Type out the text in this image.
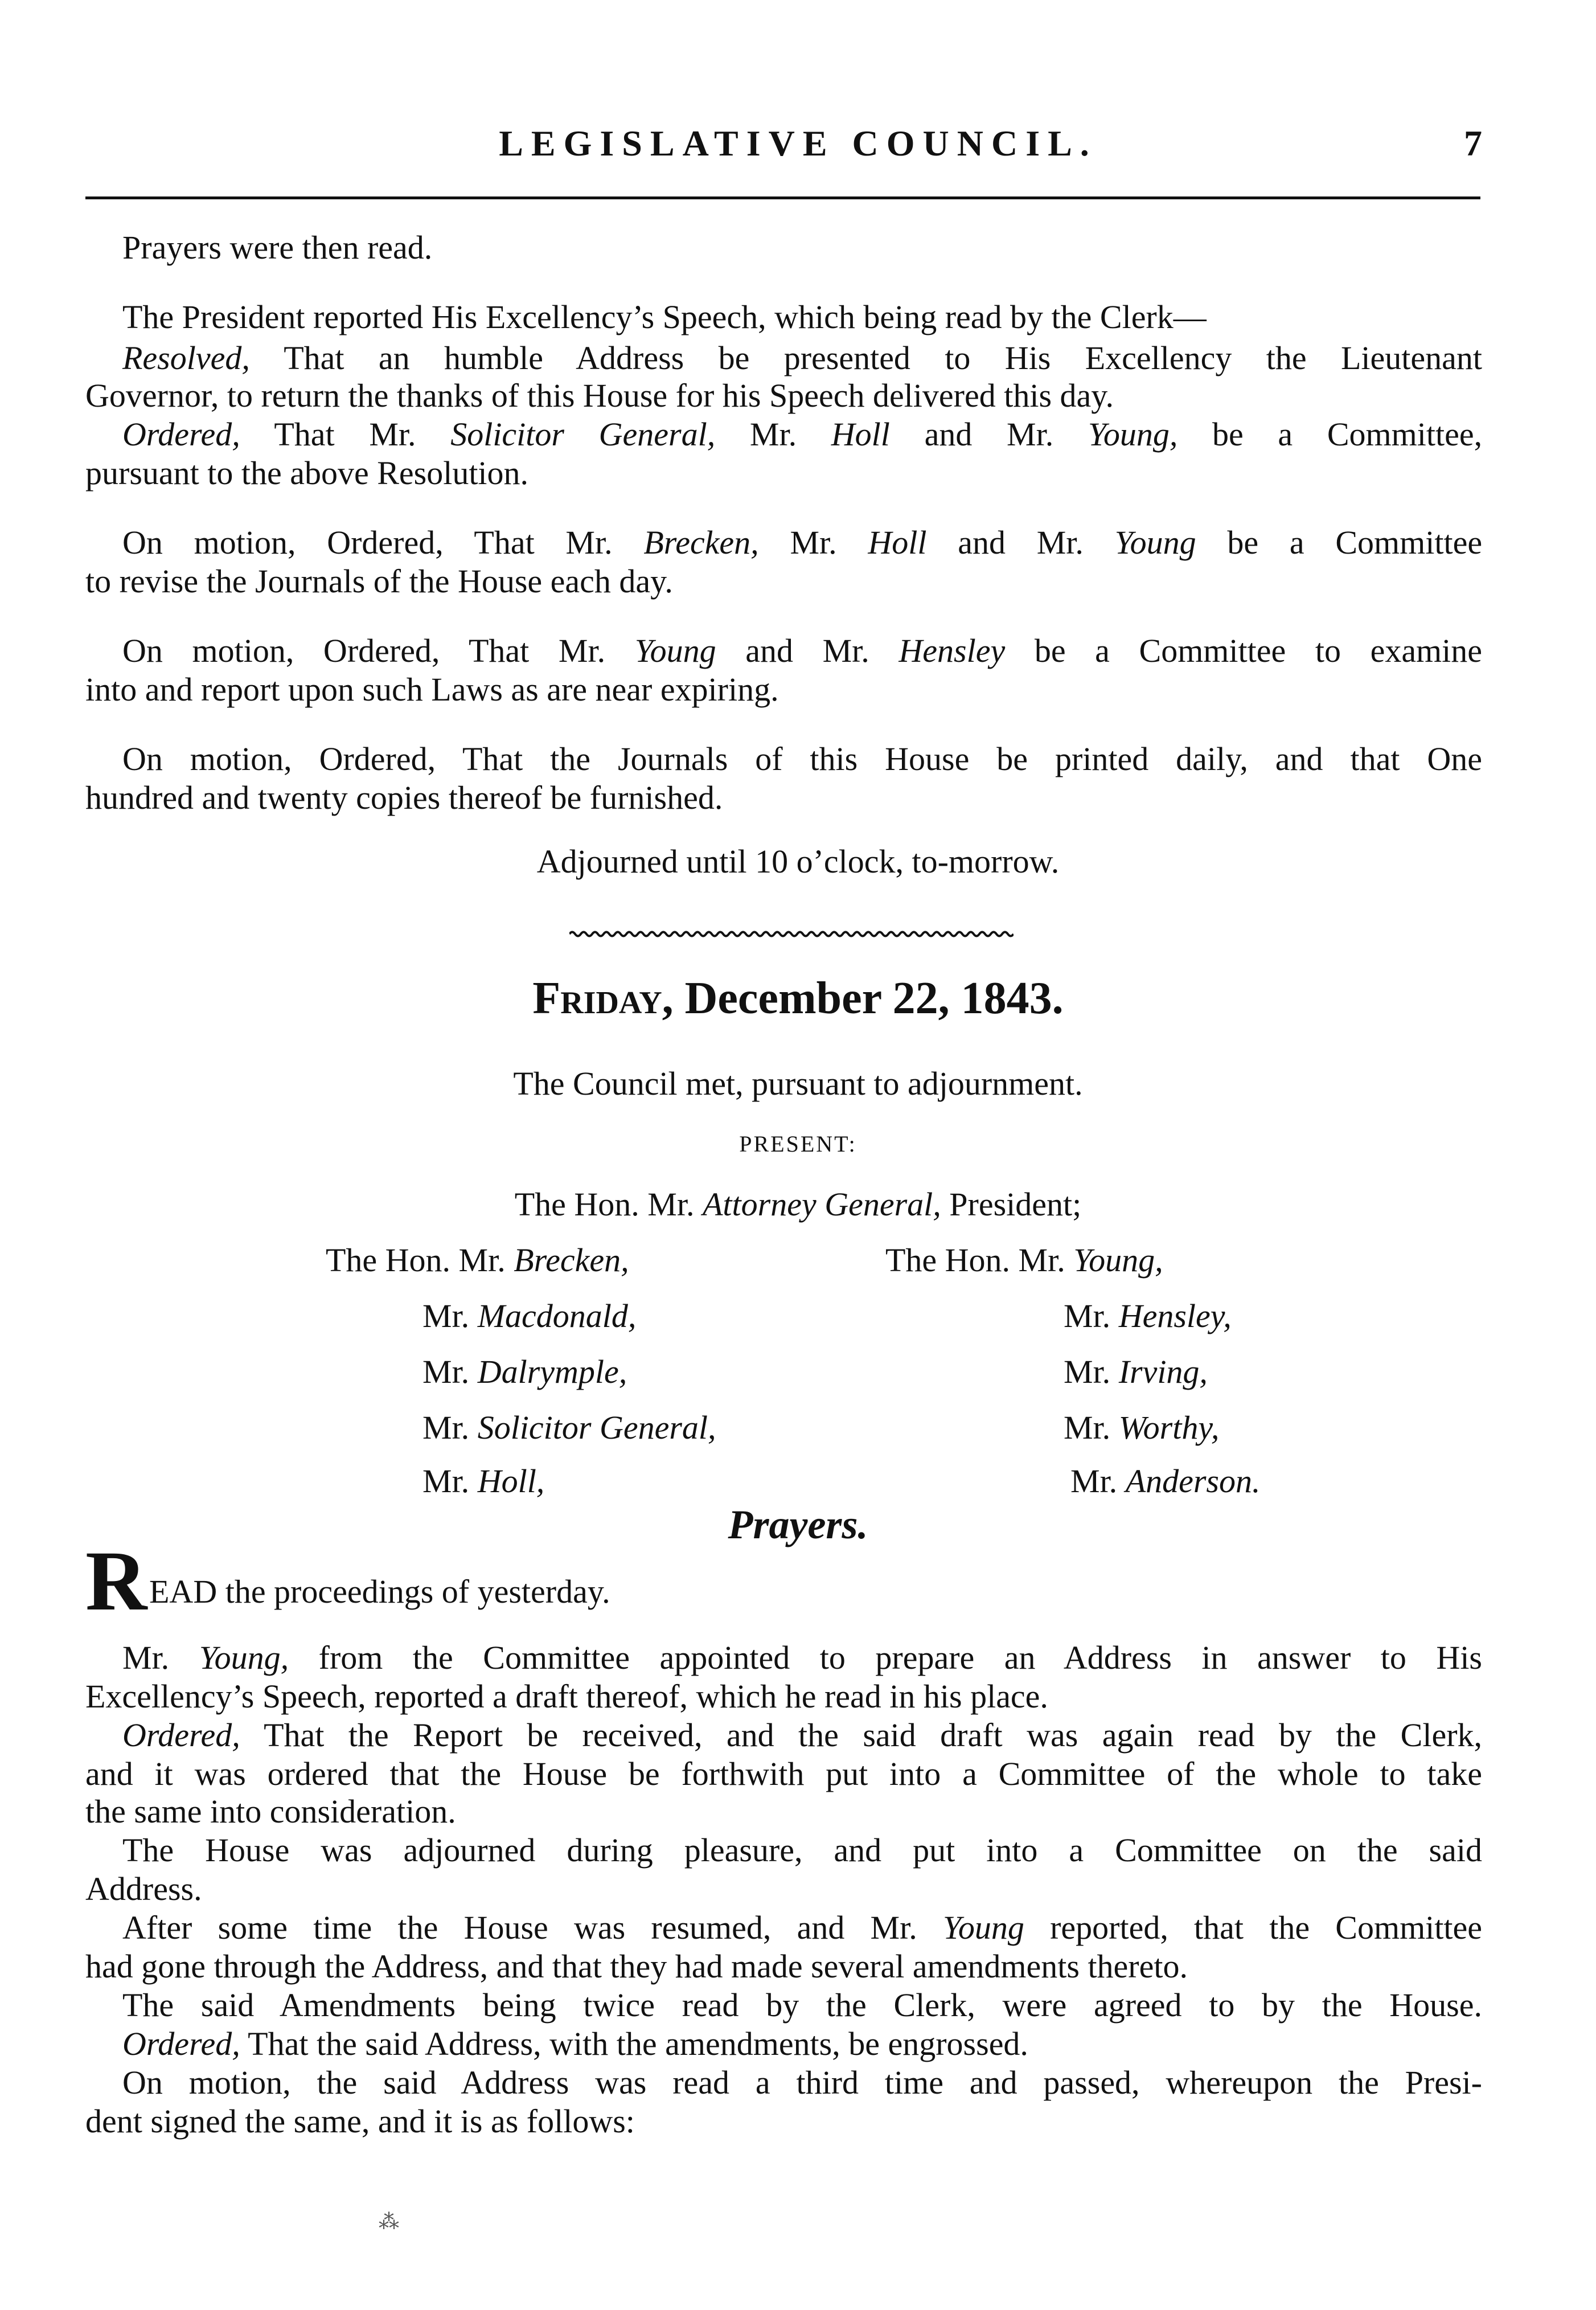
LEGISLATIVE COUNCIL.	7
Prayers were then read.
The President reported His Excellency’s Speech, which being read by the Clerk—
Resolved, That an humble Address be presented to His Excellency the Lieutenant
Governor, to return the thanks of this House for his Speech delivered this day.
Ordered, That Mr. Solicitor General, Mr. Holl and Mr. Young, be a Committee,
pursuant to the above Resolution.
On motion, Ordered, That Mr. Brecken, Mr. Holl and Mr. Young be a Committee
to revise the Journals of the House each day.
On motion, Ordered, That Mr. Young and Mr. Hensley be a Committee to examine
into and report upon such Laws as are near expiring.
On motion, Ordered, That the Journals of this House be printed daily, and that One
hundred and twenty copies thereof be furnished.
Adjourned until 10 o’clock, to-morrow.
Friday, December 22, 1843.
The Council met, pursuant to adjournment.
PRESENT:
The Hon. Mr. Attorney General, President;
The Hon. Mr. Brecken,
Mr. Macdonald,
Mr. Dalrymple,
Mr. Solicitor General,
Mr. Holl,
The Hon. Mr. Young,
Mr. Hensley,
Mr. Irving,
Mr. Worthy,
Mr. Anderson.
Prayers.
R EAD the proceedings of yesterday.
Mr. Young, from the Committee appointed to prepare an Address in answer to His
Excellency’s Speech, reported a draft thereof, which he read in his place.
Ordered, That the Report be received, and the said draft was again read by the Clerk,
and it was ordered that the House be forthwith put into a Committee of the whole to take
the same into consideration.
The House was adjourned during pleasure, and put into a Committee on the said
Address.
After some time the House was resumed, and Mr. Young reported, that the Committee
had gone through the Address, and that they had made several amendments thereto.
The said Amendments being twice read by the Clerk, were agreed to by the House.
Ordered, That the said Address, with the amendments, be engrossed.
On motion, the said Address was read a third time and passed, whereupon the Presi-
dent signed the same, and it is as follows:
⁂
